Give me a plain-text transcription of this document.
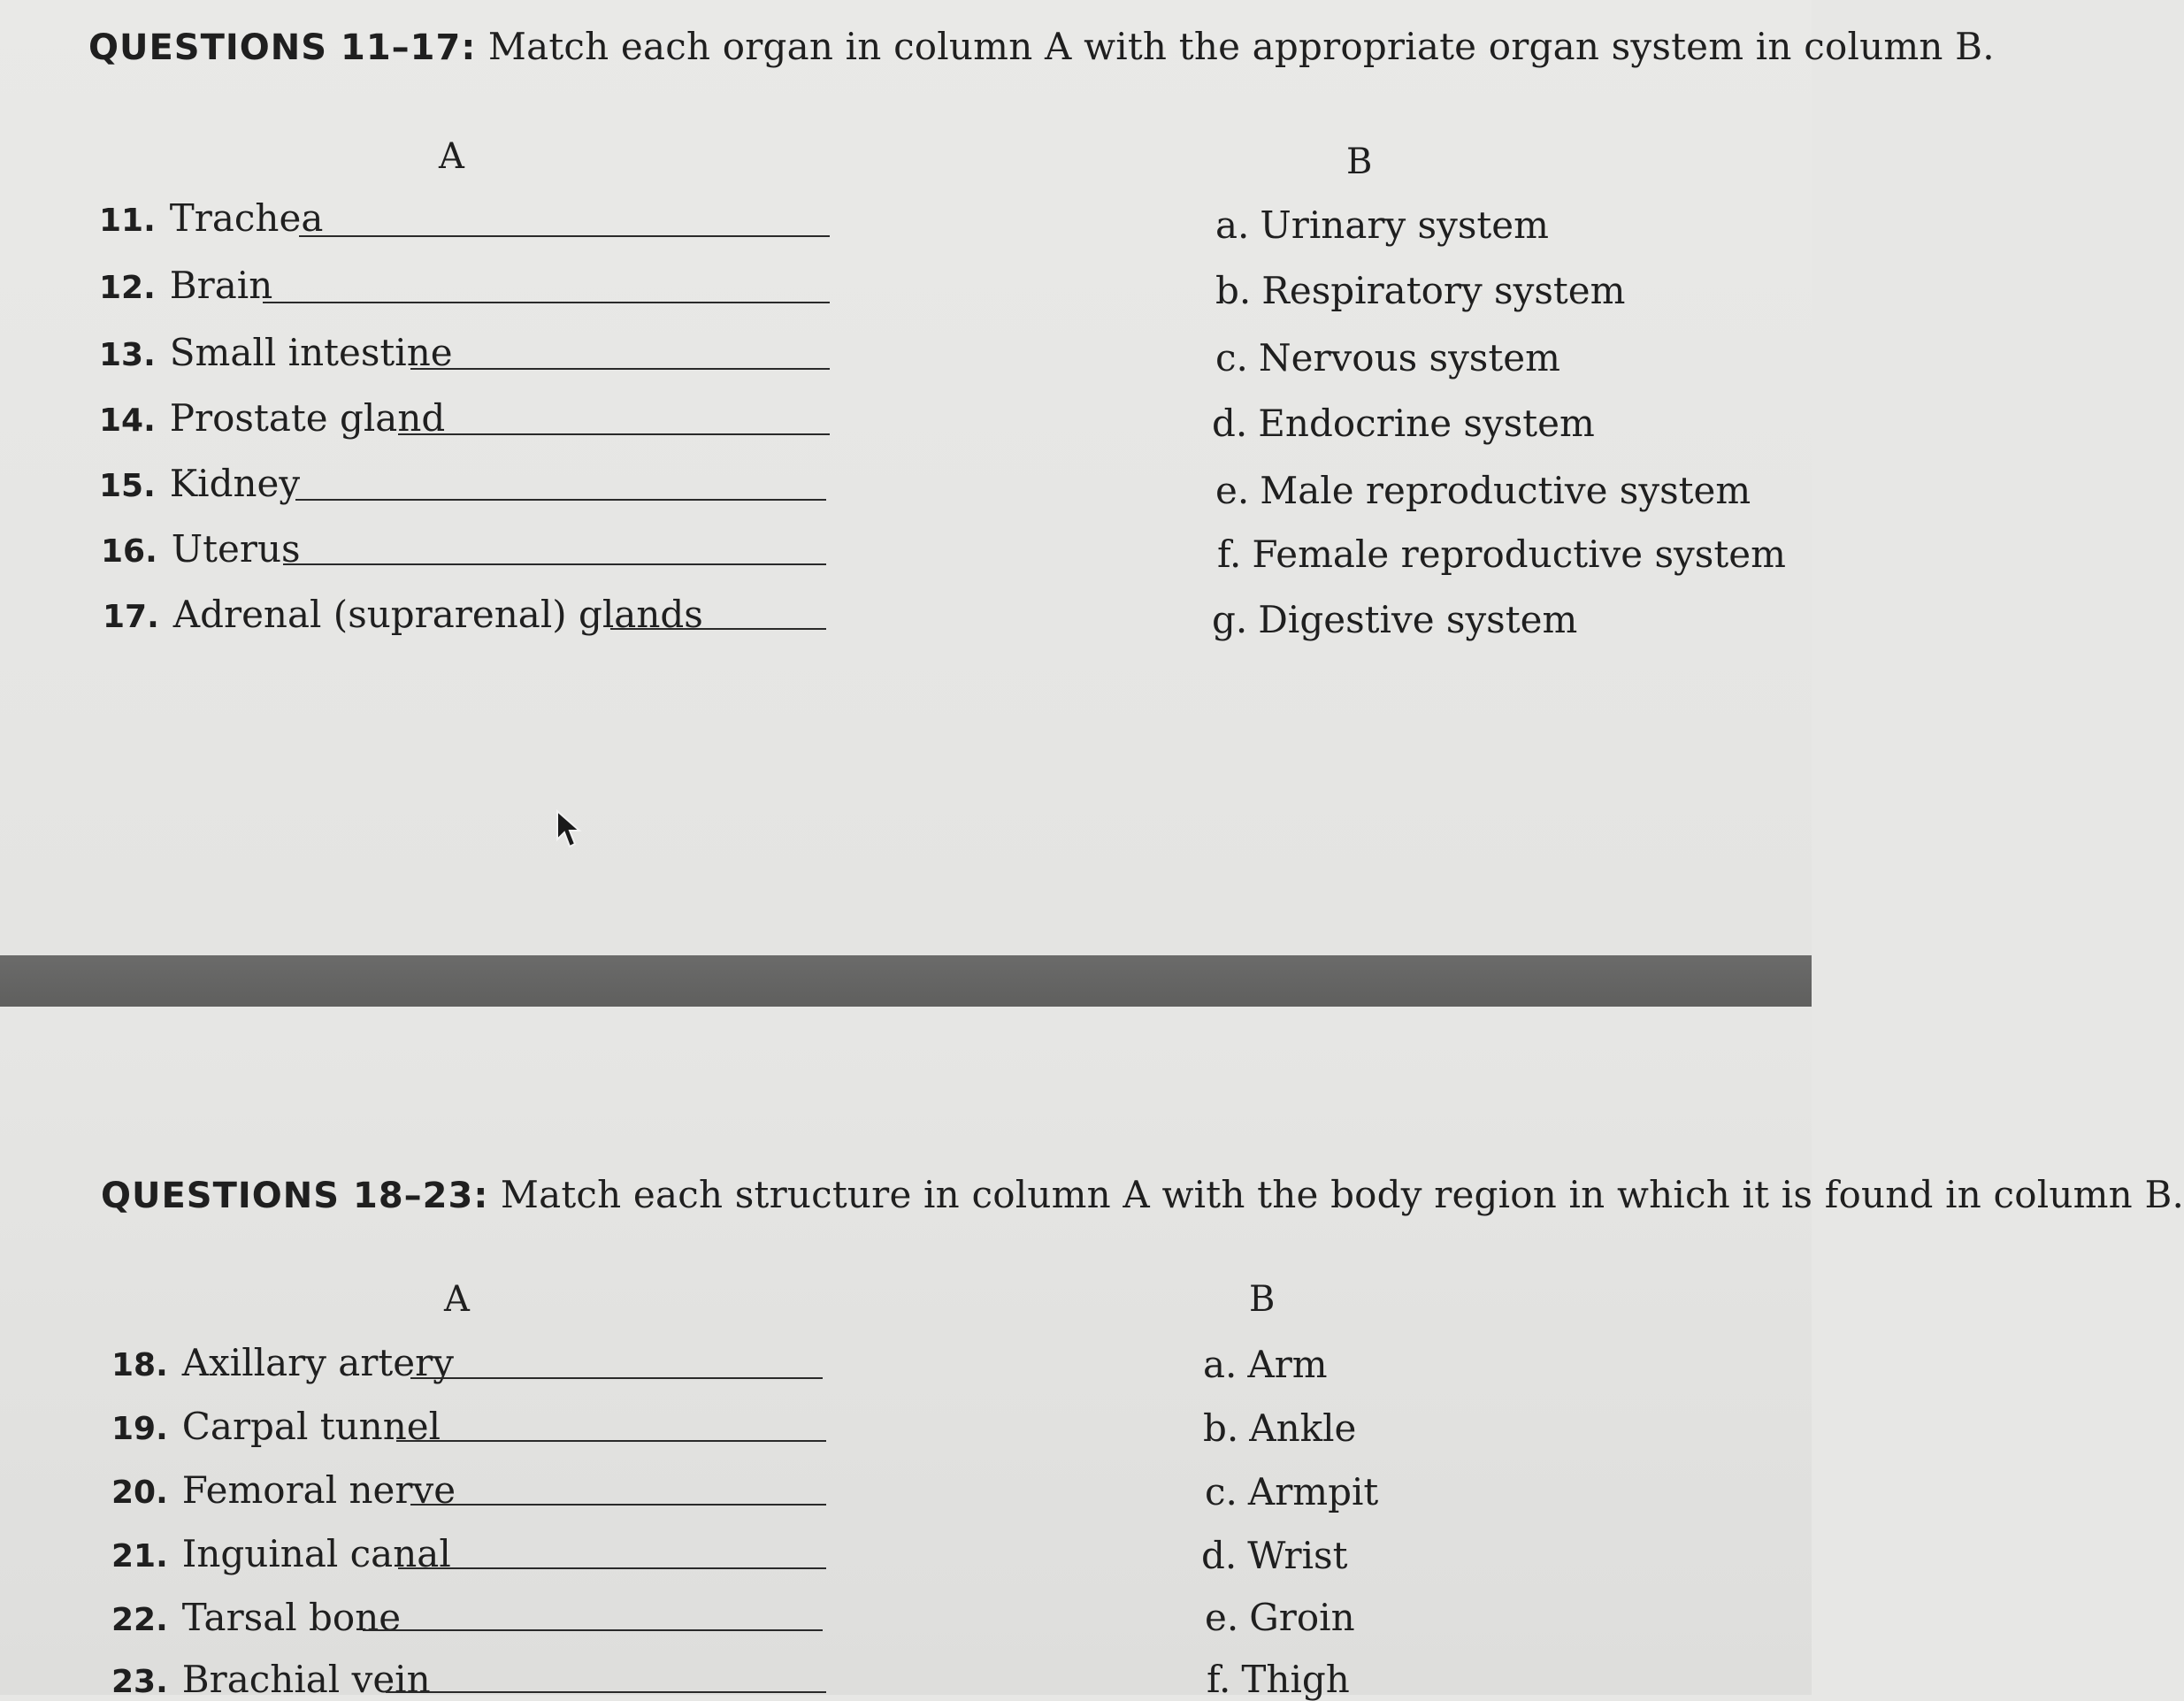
QUESTIONS 11–17: Match each organ in column A with the appropriate organ system in column B.
A	B
11. Trachea
12. Brain
13. Small intestine
14. Prostate gland
15. Kidney
16. Uterus
17. Adrenal (suprarenal) glands
a. Urinary system
b. Respiratory system
c. Nervous system
d. Endocrine system
e. Male reproductive system
f. Female reproductive system
g. Digestive system
QUESTIONS 18–23: Match each structure in column A with the body region in which it is found in column B.
A	B
18. Axillary artery
19. Carpal tunnel
20. Femoral nerve
21. Inguinal canal
22. Tarsal bone
23. Brachial vein
a. Arm
b. Ankle
c. Armpit
d. Wrist
e. Groin
f. Thigh
